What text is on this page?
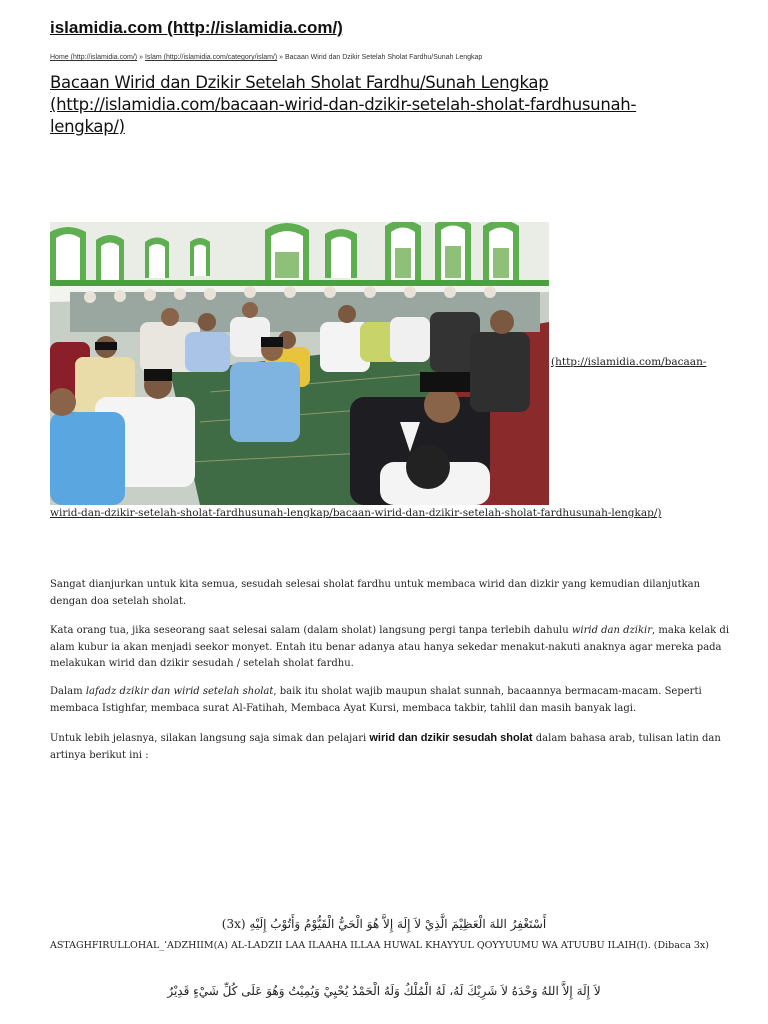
islamidia.com (http://islamidia.com/)
Home (http://islamidia.com/) » Islam (http://islamidia.com/category/islam/) » Bacaan Wirid dan Dzikir Setelah Sholat Fardhu/Sunah Lengkap
Bacaan Wirid dan Dzikir Setelah Sholat Fardhu/Sunah Lengkap
(http://islamidia.com/bacaan-wirid-dan-dzikir-setelah-sholat-fardhusunah-
lengkap/)
(http://islamidia.com/bacaan-
wirid-dan-dzikir-setelah-sholat-fardhusunah-lengkap/bacaan-wirid-dan-dzikir-setelah-sholat-fardhusunah-lengkap/)

Sangat dianjurkan untuk kita semua, sesudah selesai sholat fardhu untuk membaca wirid dan dizkir yang kemudian dilanjutkan dengan doa setelah sholat.

Kata orang tua, jika seseorang saat selesai salam (dalam sholat) langsung pergi tanpa terlebih dahulu wirid dan dzikir, maka kelak di alam kubur ia akan menjadi seekor monyet. Entah itu benar adanya atau hanya sekedar menakut-nakuti anaknya agar mereka pada melakukan wirid dan dzikir sesudah / setelah sholat fardhu.

Dalam lafadz dzikir dan wirid setelah sholat, baik itu sholat wajib maupun shalat sunnah, bacaannya bermacam-macam. Seperti membaca Istighfar, membaca surat Al-Fatihah, Membaca Ayat Kursi, membaca takbir, tahlil dan masih banyak lagi.

Untuk lebih jelasnya, silakan langsung saja simak dan pelajari wirid dan dzikir sesudah sholat dalam bahasa arab, tulisan latin dan artinya berikut ini :

أَسْتَغْفِرُ اللهَ الْعَظِيْمَ الَّذِيْ لاَ إِلَهَ إِلاَّ هُوَ الْحَيُّ الْقَيُّوْمُ وَأَتُوْبُ إِلَيْهِ (3x)
ASTAGHFIRULLOHAL_’ADZHIIM(A) AL-LADZII LAA ILAAHA ILLAA HUWAL KHAYYUL QOYYUUMU WA ATUUBU ILAIH(I). (Dibaca 3x)
لاَ إِلَهَ إِلاَّ اللهُ وَحْدَهُ لاَ شَرِيْكَ لَهُ، لَهُ الْمُلْكُ وَلَهُ الْحَمْدُ يُحْيِيْ وَيُمِيْتُ وَهُوَ عَلَى كُلِّ شَيْءٍ قَدِيْرٌ
